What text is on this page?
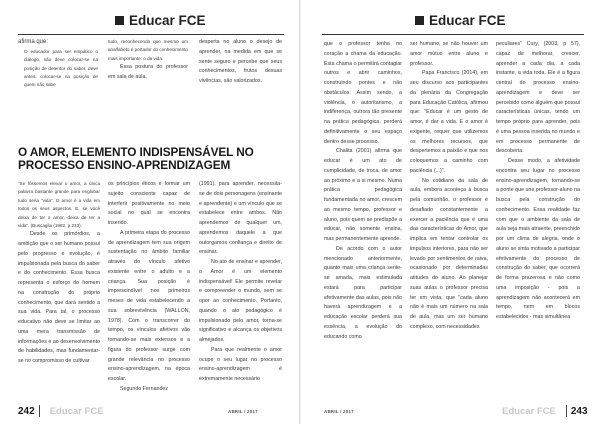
Educar FCE

afirma que:

O educador para ser empático o diálogo, não deve colocar-se na posição de detentor do saber, deve antes, colocar-se na posição de quem não sabe

tudo, reconhecendo que mesmo um analfabeto é portador do conhecimento mais importante: o da vida.

Essa postura do professor em sala de aula,

desperta no aluno o desejo de aprender, na medida em que se sente seguro e percebe que seus conhecimentos, frutos desuas vivências, são valorizados.

O AMOR, ELEMENTO INDISPENSÁVEL NO PROCESSO ENSINO-APRENDIZAGEM

“Se fôssemos elevar o amor, a única palavra bastante grande para englobar tudo seria "vida". O amor é a vida em todos os seus aspectos. E, se você deixa de ter o amor, deixa de ter a vida". (Buscaglia (1982, p.233).

Desde os primórdios, a ambição que o ser humano possui pelo progresso e evolução, é impulsionada pela busca do saber e do conhecimento. Essa busca representa o esforço do homem na construção do próprio conhecimento, que dará sentido a sua vida. Para tal, o processo educativo não deve se limitar ao uma mera transmissão de informações e ao desenvolvimento de habilidades, mas fundamentar-se no compromisso de cultivar

os princípios éticos e formar um sujeito consciente capaz de interferir positivamente no meio social no qual se encontra inserido.

A primeira etapa do processo de aprendizagem tem sua origem sustentação no âmbito familiar através do vínculo afetivo existente entre o adulto e a criança. Sua posição é imprescindível nos primeiros meses de vida estabelecendo a sua sobrevivência (WALLON, 1978). Com o transcorrer do tempo, os vínculos afetivos vão tornando-se mais extensos e a figura do professor surge com grande relevância no processo ensino-aprendizagem, na época escolar.

Segundo Fernandez

(1991), para aprender, necessita-se de dois personagens (ensinante e aprendente) e um vínculo que se estabelece entre ambos. Não aprendemos de qualquer um, aprendemos daquele a que outorgamos confiança e direito de ensinar.

No ato de ensinar e aprender, o Amor é um elemento indispensável! Ele permite revelar e compreender o mundo, sem se opor ao conhecimento. Portanto, quando o ato pedagógico é impulsionado pelo amor, torna-se significativo e alcança os objetivos almejados.

Para que realmente o amor ocupe o seu lugar no processo ensino-aprendizagem é extremamente necessário

242 Educar FCE	ABRIL / 2017
Educar FCE

que o professor tenha no coração a chama da educação. Esta chama o permitirá contagiar outros e abrir caminhos, construindo pontes e não obstáculos. Assim sendo, a violência, o autoritarismo, a indiferença, outrora tão presente na prática pedagógica, perderá definitivamente o seu espaço dentro desse processo.

Chalita (2001) afirma que educar é um ato de cumplicidade, de troca, de amor ao próximo e a si mesmo. Numa prática pedagógica fundamentada no amor, crescem ao mesmo tempo, professor e aluno, pois quem se predispõe a educar, não somente ensina, mas permanentemente aprende.

De acordo com o autor mencionado anteriormente, quanto mais uma criança sente-se amada, mais estimulada estará para participar efetivamente das aulas, pois não haverá aprendizagem e a educação escolar perderá sua essência, a evolução do educando como

ser humano, se não houver um amor mútuo entre aluno e professor.

Papa Francisco (2014), em seu discurso aos participantes da plenária da Congregação para Educação Católica, afirmou que: "Educar é um gesto de amor, é dar a vida. E o amor é exigente, requer que utilizemos os melhores recursos, que despertemos a paixão e que nos coloquemos a caminho com paciência (...)".

No cotidiano da sala de aula, embora aconteça à busca pela comunhão, o professor é desafiado constantemente a exercer a paciência que é uma das características do Amor, que implica em tentar controlar os impulsos interiores, para não ser levado por sentimentos de raiva, ocasionado por determinadas atitudes do aluno. Ao planejar suas aulas o professor precisa ter em vista, que "cada aluno não é mais um número na sala de aula, mas um ser humano complexo, com necessidades

peculiares" Cury, (2003, p 57), capaz de melhorar, crescer, aprender a cada dia, a cada instante, a vida toda. Ele é a figura central do processo ensino-aprendizagem e deve ser percebido como alguém que possui características únicas, tendo um tempo próprio para aprender, pois é uma pessoa inserida no mundo e em processo permanente de descoberta.

Desse modo, a afetividade encontra seu lugar no processo ensino-aprendizagem, tornando-se a ponte que une professor-aluno na busca pela construção do conhecimento. Essa realidade faz com que o ambiente da sala de aula seja mais atraente, preenchido por um clima de alegria, onde o aluno se sinta motivado a participar efetivamente do processo de construção do saber, que ocorrerá de forma prazerosa e não como uma imposição - pois a aprendizagem não acontecerá em tempo, nem em blocos estabelecidos - mas simultânea

ABRIL / 2017	Educar FCE 243
